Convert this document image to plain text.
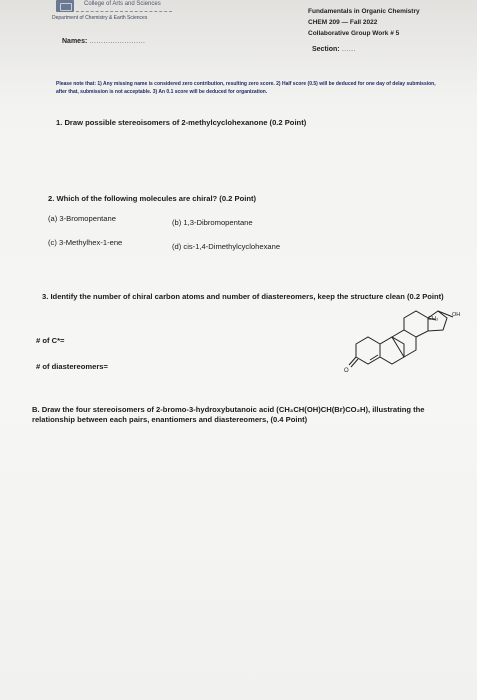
College of Arts and Sciences
Department of Chemistry & Earth Sciences
Fundamentals in Organic Chemistry
CHEM 209 — Fall 2022
Collaborative Group Work # 5
Names: ……………………
Section: ……
Please note that: 1) Any missing name is considered zero contribution, resulting zero score. 2) Half score (0.5) will be deduced for one day of delay submission, after that, submission is not acceptable. 3) An 0.1 score will be deduced for organization.
1. Draw possible stereoisomers of 2-methylcyclohexanone (0.2 Point)
2. Which of the following molecules are chiral? (0.2 Point)
(a) 3-Bromopentane	(b) 1,3-Dibromopentane
(c) 3-Methylhex-1-ene	(d) cis-1,4-Dimethylcyclohexane
3. Identify the number of chiral carbon atoms and number of diastereomers, keep the structure clean (0.2 Point)
# of C*=
# of diastereomers=
CH₃
OH
O
B. Draw the four stereoisomers of 2-bromo-3-hydroxybutanoic acid (CH₃CH(OH)CH(Br)CO₂H), illustrating the relationship between each pairs, enantiomers and diastereomers, (0.4 Point)
